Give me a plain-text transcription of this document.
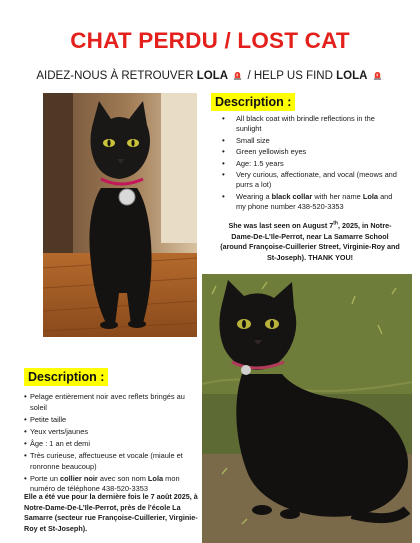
CHAT PERDU / LOST CAT
AIDEZ-NOUS À RETROUVER LOLA / HELP US FIND LOLA
Description :
• All black coat with brindle reflections in the sunlight
• Small size
• Green yellowish eyes
• Age: 1.5 years
• Very curious, affectionate, and vocal (meows and purrs a lot)
• Wearing a black collar with her name Lola and my phone number 438-520-3353
She was last seen on August 7th, 2025, in Notre-Dame-De-L’Ile-Perrot, near La Samarre School (around Françoise-Cuillerier Street, Virginie-Roy and St-Joseph). THANK YOU!
Description :
• Pelage entièrement noir avec reflets bringés au soleil
• Petite taille
• Yeux verts/jaunes
• Âge : 1 an et demi
• Très curieuse, affectueuse et vocale (miaule et ronronne beaucoup)
• Porte un collier noir avec son nom Lola mon numéro de téléphone 438-520-3353
Elle a été vue pour la dernière fois le 7 août 2025, à Notre-Dame-De-L’Ile-Perrot, près de l’école La Samarre (secteur rue Françoise-Cuillerier, Virginie-Roy et St-Joseph).
